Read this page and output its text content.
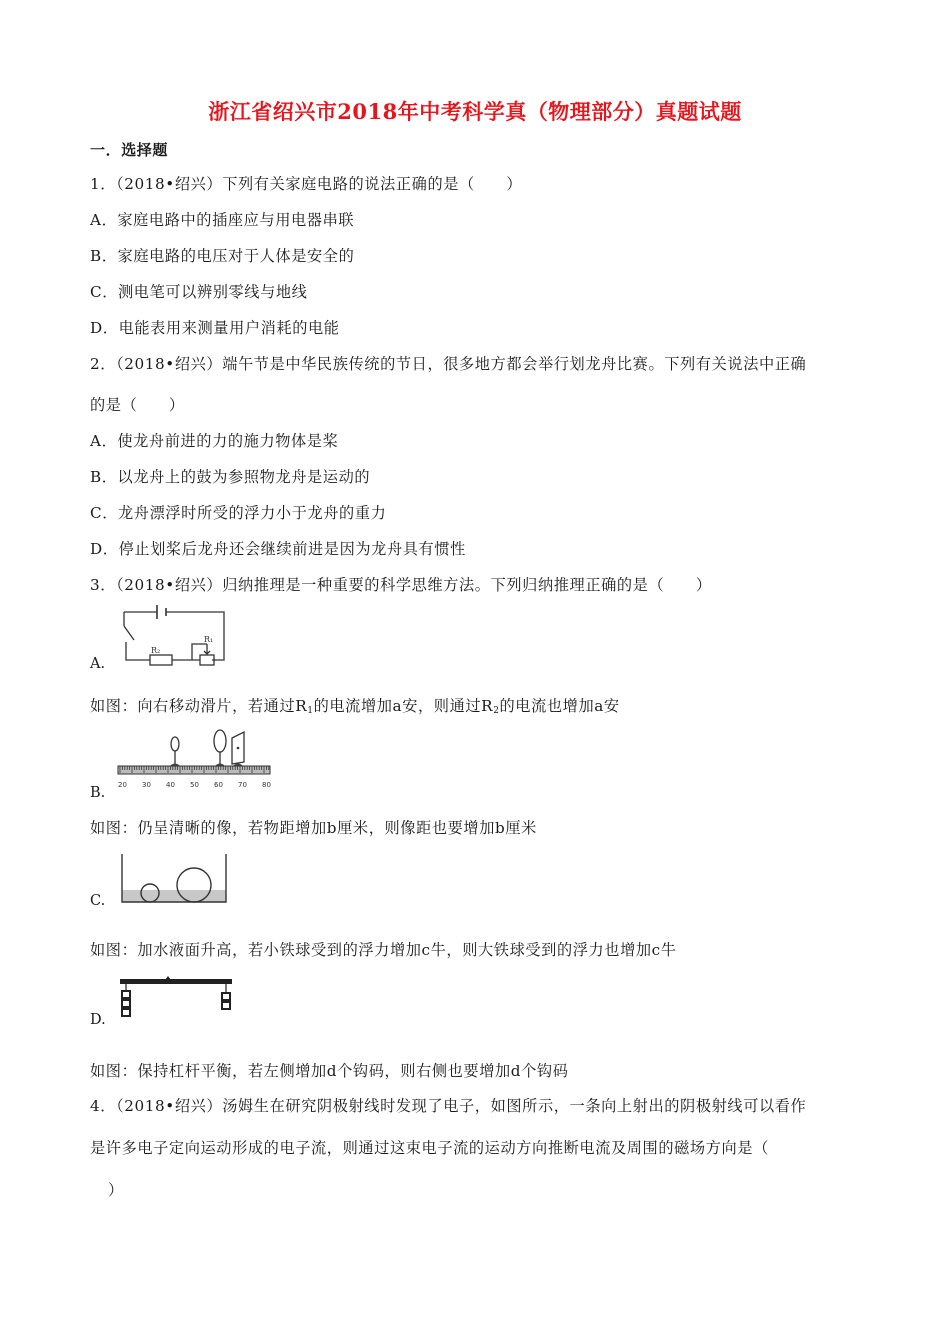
浙江省绍兴市2018年中考科学真（物理部分）真题试题
一．选择题
1．（2018•绍兴）下列有关家庭电路的说法正确的是（　　）
A．家庭电路中的插座应与用电器串联
B．家庭电路的电压对于人体是安全的
C．测电笔可以辨别零线与地线
D．电能表用来测量用户消耗的电能
2．（2018•绍兴）端午节是中华民族传统的节日，很多地方都会举行划龙舟比赛。下列有关说法中正确
的是（　　）
A．使龙舟前进的力的施力物体是桨
B．以龙舟上的鼓为参照物龙舟是运动的
C．龙舟漂浮时所受的浮力小于龙舟的重力
D．停止划桨后龙舟还会继续前进是因为龙舟具有惯性
3．（2018•绍兴）归纳推理是一种重要的科学思维方法。下列归纳推理正确的是（　　）
R₂
R₁
A.
如图：向右移动滑片，若通过$R_1$的电流增加a安，则通过$R_2$的电流也增加a安
20 30 40 50 60 70 80
B.
如图：仍呈清晰的像，若物距增加b厘米，则像距也要增加b厘米
C.
如图：加水液面升高，若小铁球受到的浮力增加c牛，则大铁球受到的浮力也增加c牛
D.
如图：保持杠杆平衡，若左侧增加d个钩码，则右侧也要增加d个钩码
4．（2018•绍兴）汤姆生在研究阴极射线时发现了电子，如图所示，一条向上射出的阴极射线可以看作
是许多电子定向运动形成的电子流，则通过这束电子流的运动方向推断电流及周围的磁场方向是（
）
